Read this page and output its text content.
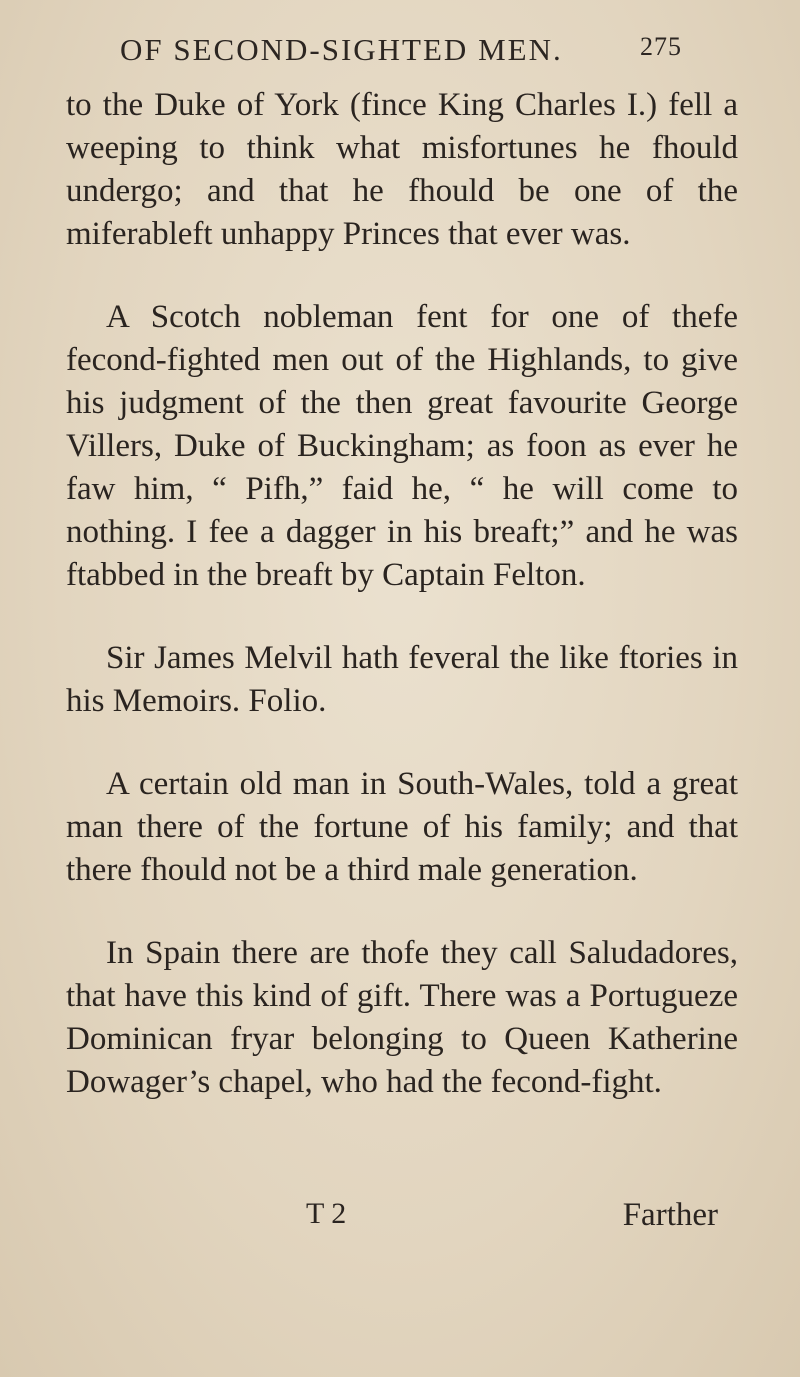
OF SECOND-SIGHTED MEN.	275

to the Duke of York (fince King Charles I.) fell a weeping to think what misfortunes he fhould undergo; and that he fhould be one of the miferableft unhappy Princes that ever was.

A Scotch nobleman fent for one of thefe fecond-fighted men out of the Highlands, to give his judgment of the then great favourite George Villers, Duke of Buckingham; as foon as ever he faw him, “ Pifh,” faid he, “ he will come to nothing. I fee a dagger in his breaft;” and he was ftabbed in the breaft by Captain Felton.

Sir James Melvil hath feveral the like ftories in his Memoirs. Folio.

A certain old man in South-Wales, told a great man there of the fortune of his family; and that there fhould not be a third male generation.

In Spain there are thofe they call Saludadores, that have this kind of gift. There was a Portugueze Dominican fryar belonging to Queen Katherine Dowager’s chapel, who had the fecond-fight.

T 2	Farther
